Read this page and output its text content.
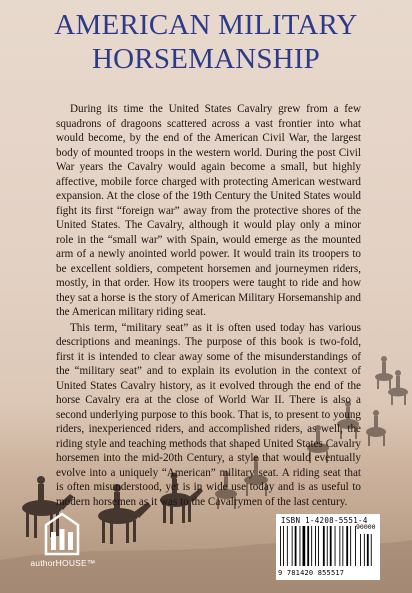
AMERICAN MILITARY
HORSEMANSHIP

During its time the United States Cavalry grew from a few squadrons of dragoons scattered across a vast frontier into what would become, by the end of the American Civil War, the largest body of mounted troops in the western world. During the post Civil War years the Cavalry would again become a small, but highly affective, mobile force charged with protecting American westward expansion. At the close of the 19th Century the United States would fight its first “foreign war” away from the protective shores of the United States. The Cavalry, although it would play only a minor role in the “small war” with Spain, would emerge as the mounted arm of a newly anointed world power. It would train its troopers to be excellent soldiers, competent horsemen and journeymen riders, mostly, in that order. How its troopers were taught to ride and how they sat a horse is the story of American Military Horsemanship and the American military riding seat.

This term, “military seat” as it is often used today has various descriptions and meanings. The purpose of this book is two-fold, first it is intended to clear away some of the misunderstandings of the “military seat” and to explain its evolution in the context of United States Cavalry history, as it evolved through the end of the horse Cavalry era at the close of World War II. There is also a second underlying purpose to this book. That is, to present to young riders, inexperienced riders, and accomplished riders, as well, the riding style and teaching methods that shaped United States Cavalry horsemen into the mid-20th Century, a style that would eventually evolve into a uniquely “American” military seat. A riding seat that is often misunderstood, yet is in wide use today and is as useful to modern horsemen as it was to the Cavalrymen of the last century.

authorHOUSE™
ISBN 1-4208-5551-4
9 781420 855517
90000
